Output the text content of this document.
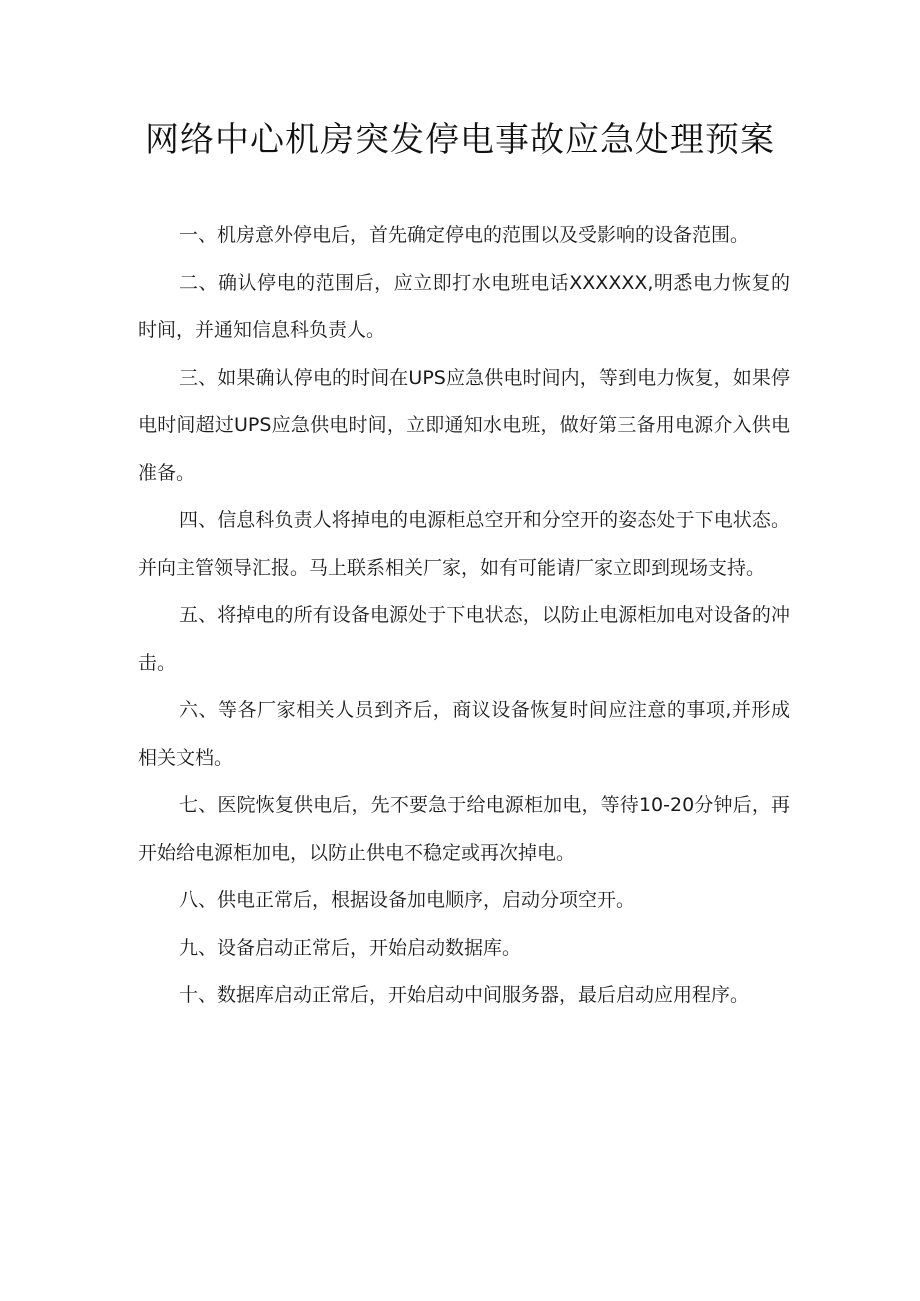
网络中心机房突发停电事故应急处理预案

一、机房意外停电后，首先确定停电的范围以及受影响的设备范围。

二、确认停电的范围后，应立即打水电班电话XXXXXX,明悉电力恢复的时间，并通知信息科负责人。

三、如果确认停电的时间在UPS应急供电时间内，等到电力恢复，如果停电时间超过UPS应急供电时间，立即通知水电班，做好第三备用电源介入供电准备。

四、信息科负责人将掉电的电源柜总空开和分空开的姿态处于下电状态。并向主管领导汇报。马上联系相关厂家，如有可能请厂家立即到现场支持。

五、将掉电的所有设备电源处于下电状态，以防止电源柜加电对设备的冲击。

六、等各厂家相关人员到齐后，商议设备恢复时间应注意的事项,并形成相关文档。

七、医院恢复供电后，先不要急于给电源柜加电，等待10-20分钟后，再开始给电源柜加电，以防止供电不稳定或再次掉电。

八、供电正常后，根据设备加电顺序，启动分项空开。

九、设备启动正常后，开始启动数据库。

十、数据库启动正常后，开始启动中间服务器，最后启动应用程序。
